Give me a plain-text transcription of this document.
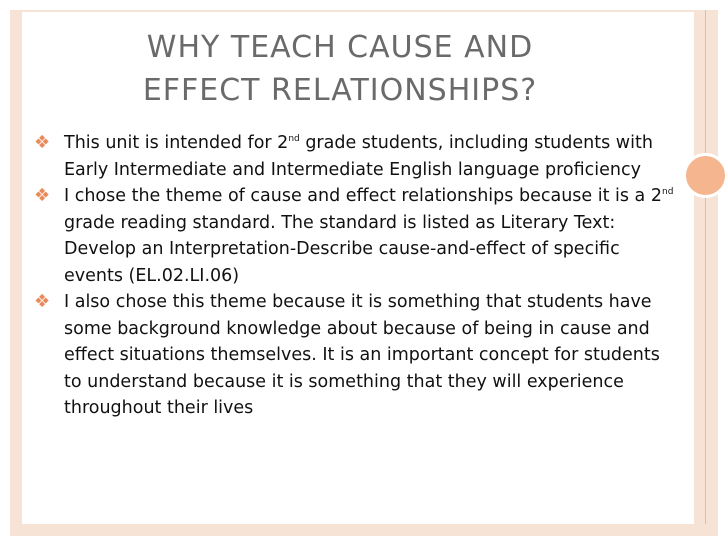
WHY TEACH CAUSE AND
EFFECT RELATIONSHIPS?
❖ This unit is intended for 2nd grade students, including students with Early Intermediate and Intermediate English language proficiency
❖ I chose the theme of cause and effect relationships because it is a 2nd grade reading standard. The standard is listed as Literary Text: Develop an Interpretation-Describe cause-and-effect of specific events (EL.02.LI.06)
❖ I also chose this theme because it is something that students have some background knowledge about because of being in cause and effect situations themselves. It is an important concept for students to understand because it is something that they will experience throughout their lives
